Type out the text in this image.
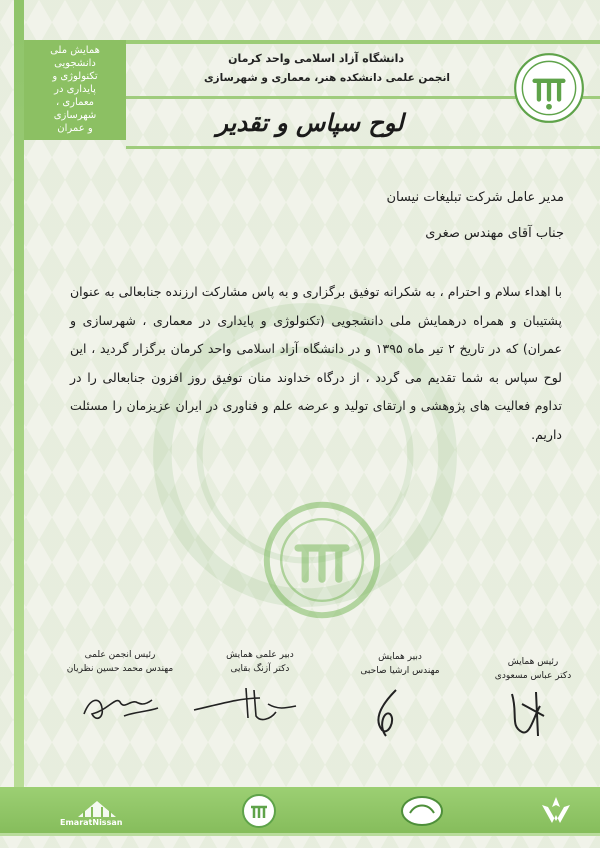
همایش ملی
دانشجویی
تکنولوژی و
پایداری در
معماری ،
شهرسازی
و عمران
دانشگاه آزاد اسلامی واحد کرمان
انجمن علمی دانشکده هنر، معماری و شهرسازی
لوح سپاس و تقدیر
مدیر عامل شرکت تبلیغات نیسان
جناب آقای مهندس صغری
با اهداء سلام و احترام ، به شکرانه توفیق برگزاری و به پاس مشارکت ارزنده جنابعالی به عنوان پشتیبان و همراه درهمایش ملی دانشجویی (تکنولوژی و پایداری در معماری ، شهرسازی و عمران) که در تاریخ ۲ تیر ماه ۱۳۹۵ و در دانشگاه آزاد اسلامی واحد کرمان برگزار گردید ، این لوح سپاس به شما تقدیم می گردد ، از درگاه خداوند منان توفیق روز افزون جنابعالی را در تداوم فعالیت های پژوهشی و ارتقای تولید و عرضه علم و فناوری در ایران عزیزمان را مسئلت داریم.
رئیس همایش
دکتر عباس مسعودی
دبیر همایش
مهندس ارشیا صاحبی
دبیر علمی همایش
دکتر آزنگ بقایی
رئیس انجمن علمی
مهندس محمد حسین نظریان
EmaratNissan
